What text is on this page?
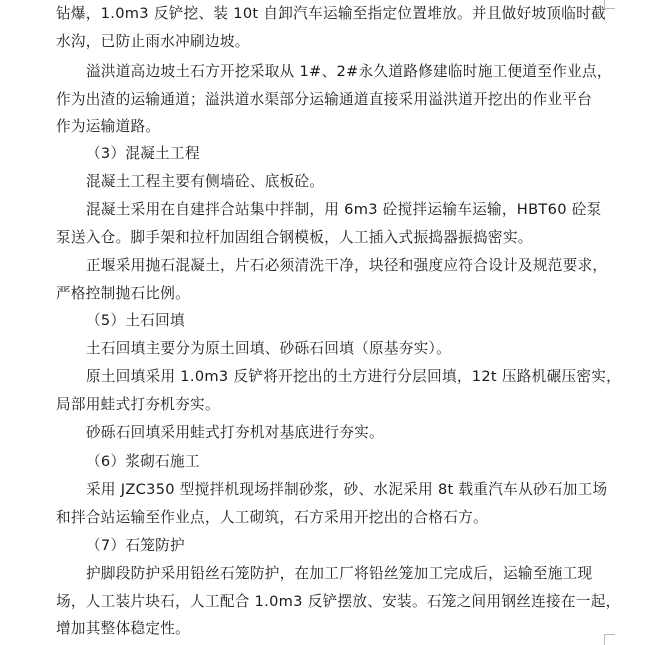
钻爆，1.0m3 反铲挖、装 10t 自卸汽车运输至指定位置堆放。并且做好坡顶临时截
水沟，已防止雨水冲刷边坡。
溢洪道高边坡土石方开挖采取从 1#、2#永久道路修建临时施工便道至作业点，
作为出渣的运输通道；溢洪道水渠部分运输通道直接采用溢洪道开挖出的作业平台
作为运输道路。
（3）混凝土工程
混凝土工程主要有侧墙砼、底板砼。
混凝土采用在自建拌合站集中拌制，用 6m3 砼搅拌运输车运输，HBT60 砼泵
泵送入仓。脚手架和拉杆加固组合钢模板，人工插入式振捣器振捣密实。
正堰采用抛石混凝土，片石必须清洗干净，块径和强度应符合设计及规范要求，
严格控制抛石比例。
（5）土石回填
土石回填主要分为原土回填、砂砾石回填（原基夯实）。
原土回填采用 1.0m3 反铲将开挖出的土方进行分层回填，12t 压路机碾压密实，
局部用蛙式打夯机夯实。
砂砾石回填采用蛙式打夯机对基底进行夯实。
（6）浆砌石施工
采用 JZC350 型搅拌机现场拌制砂浆，砂、水泥采用 8t 载重汽车从砂石加工场
和拌合站运输至作业点，人工砌筑，石方采用开挖出的合格石方。
（7）石笼防护
护脚段防护采用铅丝石笼防护，在加工厂将铅丝笼加工完成后，运输至施工现
场，人工装片块石，人工配合 1.0m3 反铲摆放、安装。石笼之间用钢丝连接在一起，
增加其整体稳定性。
